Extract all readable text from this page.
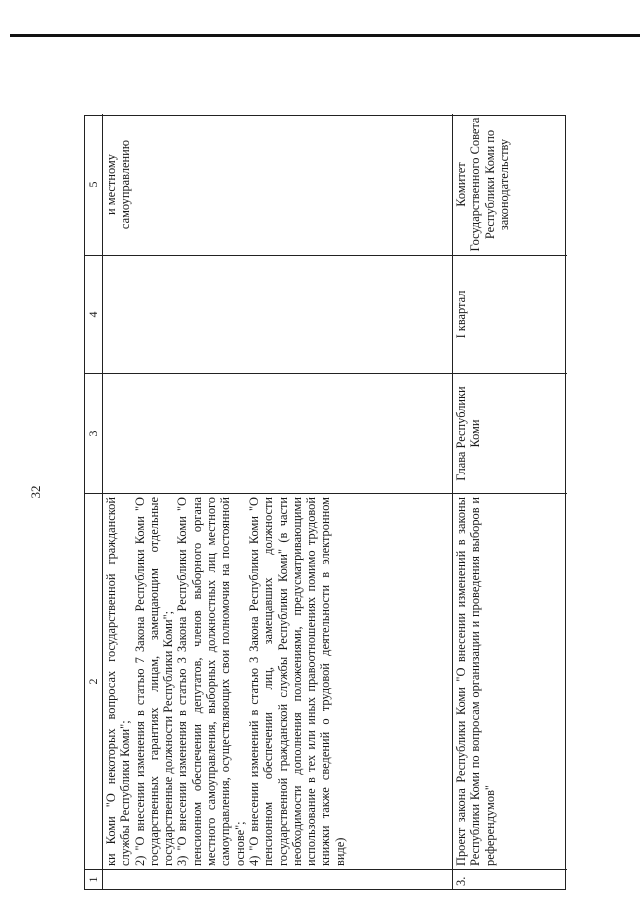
32
1
2
3
4
5

ки Коми "О некоторых вопросах государственной гражданской службы Республики Коми"; 2) "О внесении изменения в статью 7 Закона Республики Коми "О государственных гарантиях лицам, замещающим отдельные государственные должности Республики Коми"; 3) "О внесении изменения в статью 3 Закона Республики Коми "О пенсионном обеспечении депутатов, членов выборного органа местного самоуправления, выборных должностных лиц местного самоуправления, осуществляющих свои полномочия на постоянной основе"; 4) "О внесении изменений в статью 3 Закона Республики Коми "О пенсионном обеспечении лиц, замещавших должности государственной гражданской службы Республики Коми" (в части необходимости дополнения положениями, предусматривающими использование в тех или иных правоотношениях помимо трудовой книжки также сведений о трудовой деятельности в электронном виде)

и местному самоуправлению
3.

Проект закона Республики Коми "О внесении изменений в законы Республики Коми по вопросам организации и проведения выборов и референдумов"

Глава Республики Коми
I квартал
Комитет Государственного Совета Республики Коми по законодательству
